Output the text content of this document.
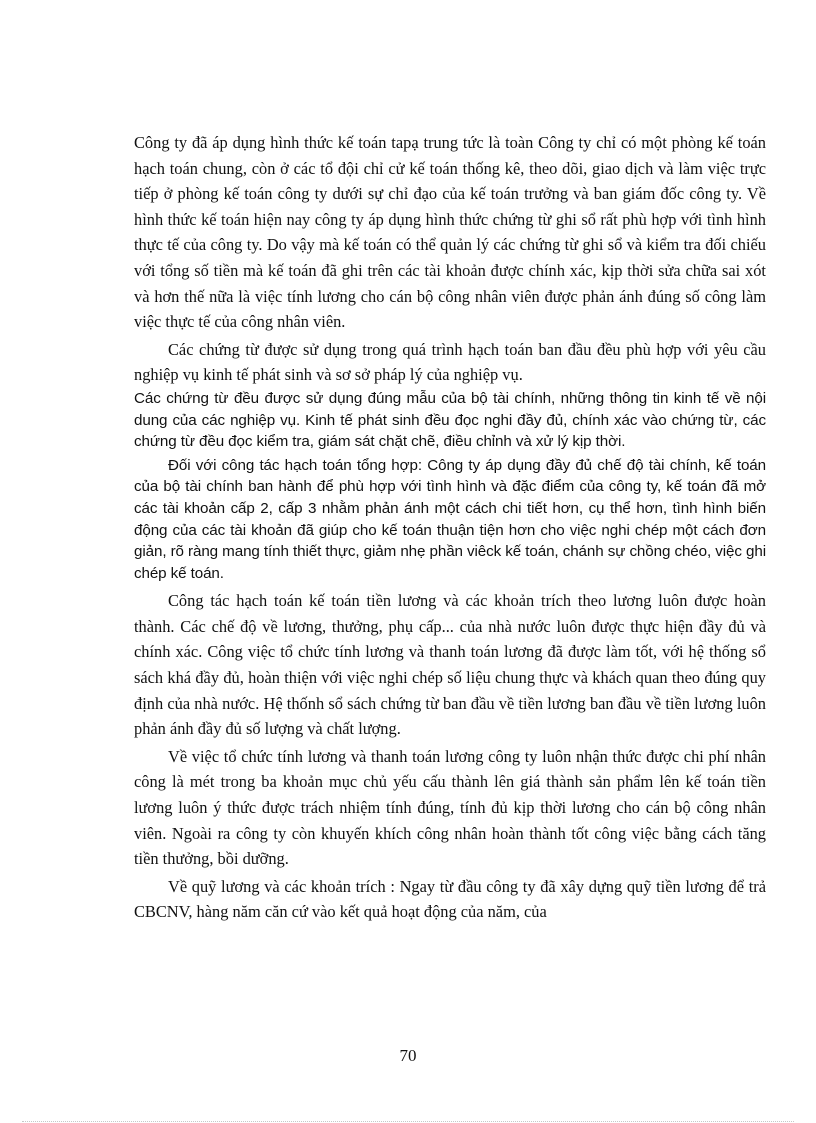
Công ty đã áp dụng hình thức kế toán tapạ trung tức là toàn Công ty chỉ có một phòng kế toán hạch toán chung, còn ở các tổ đội chỉ cử kế toán thống kê, theo dõi, giao dịch và làm việc trực tiếp ở phòng kế toán công ty dưới sự chỉ đạo của kế toán trưởng và ban giám đốc công ty. Về hình thức kế toán hiện nay công ty áp dụng hình thức chứng từ ghi sổ rất phù hợp với tình hình thực tế của công ty. Do vậy mà kế toán có thể quản lý các chứng từ ghi sổ và kiểm tra đối chiếu với tổng số tiền mà kế toán đã ghi trên các tài khoản được chính xác, kịp thời sửa chữa sai xót và hơn thế nữa là việc tính lương cho cán bộ công nhân viên được phản ánh đúng số công làm việc thực tế của công nhân viên.

Các chứng từ được sử dụng trong quá trình hạch toán ban đầu đều phù hợp với yêu cầu nghiệp vụ kinh tế phát sinh và sơ sở pháp lý của nghiệp vụ.

Các chứng từ đều được sử dụng đúng mẫu của bộ tài chính, những thông tin kinh tế về nội dung của các nghiệp vụ. Kinh tế phát sinh đều đọc nghi đầy đủ, chính xác vào chứng từ, các chứng từ đều đọc kiểm tra, giám sát chặt chẽ, điều chỉnh và xử lý kịp thời.

Đối với công tác hạch toán tổng hợp: Công ty áp dụng đầy đủ chế độ tài chính, kế toán của bộ tài chính ban hành để phù hợp với tình hình và đặc điểm của công ty, kế toán đã mở các tài khoản cấp 2, cấp 3 nhằm phản ánh một cách chi tiết hơn, cụ thể hơn, tình hình biến động của các tài khoản đã giúp cho kế toán thuận tiện hơn cho việc nghi chép một cách đơn giản, rõ ràng mang tính thiết thực, giảm nhẹ phần viêck kế toán, chánh sự chồng chéo, việc ghi chép kế toán.

Công tác hạch toán kế toán tiền lương và các khoản trích theo lương luôn được hoàn thành. Các chế độ về lương, thưởng, phụ cấp... của nhà nước luôn được thực hiện đầy đủ và chính xác. Công việc tổ chức tính lương và thanh toán lương đã được làm tốt, với hệ thống sổ sách khá đầy đủ, hoàn thiện với việc nghi chép số liệu chung thực và khách quan theo đúng quy định của nhà nước. Hệ thốnh sổ sách chứng từ ban đầu về tiền lương ban đầu về tiền lương luôn phản ánh đầy đủ số lượng và chất lượng.

Về việc tổ chức tính lương và thanh toán lương công ty luôn nhận thức được chi phí nhân công là mét trong ba khoản mục chủ yếu cấu thành lên giá thành sản phẩm lên kế toán tiền lương luôn ý thức được trách nhiệm tính đúng, tính đủ kịp thời lương cho cán bộ công nhân viên. Ngoài ra công ty còn khuyến khích công nhân hoàn thành tốt công việc bằng cách tăng tiền thưởng, bồi dưỡng.

Về quỹ lương và các khoản trích : Ngay từ đầu công ty đã xây dựng quỹ tiền lương để trả CBCNV, hàng năm căn cứ vào kết quả hoạt động của năm, của

70
